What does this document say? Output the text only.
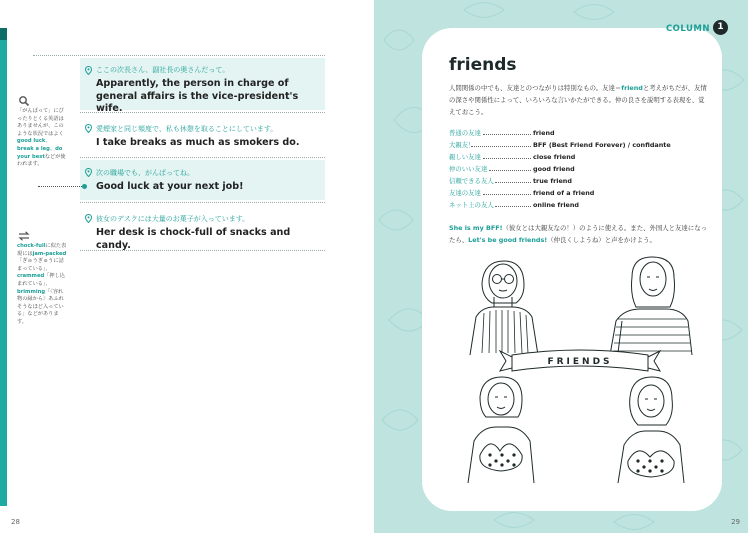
「がんばって」にぴったりとくる英語はありませんが、このような状況ではよくgood luck、break a leg、do your bestなどが使われます。
chock-fullに似た表現にはjam-packed「ぎゅうぎゅうに詰まっている」、crammed「押し込まれている」、brimming「〈容れ物の縁から〉あふれそうなほど入っている」などがあります。
ここの次長さん、副社長の奥さんだって。
Apparently, the person in charge of general affairs is the vice-president's wife.
愛煙家と同じ頻度で、私も休憩を取ることにしています。
I take breaks as much as smokers do.
次の職場でも、がんばってね。
Good luck at your next job!
彼女のデスクには大量のお菓子が入っています。
Her desk is chock-full of snacks and candy.
28
COLUMN 1
friends
人間関係の中でも、友達とのつながりは特別なもの。友達＝friendと考えがちだが、友情の深さや関係性によって、いろいろな言いかたができる。仲の良さを説明する表現を、覚えておこう。
普通の友達	friend
大親友！	BFF (Best Friend Forever) / confidante
親しい友達	close friend
仲のいい友達	good friend
信頼できる友人	true friend
友達の友達	friend of a friend
ネット上の友人	online friend
She is my BFF!（彼女とは大親友なの！）のように使える。また、外国人と友達になったら、Let's be good friends!（仲良くしようね）と声をかけよう。
FRIENDS
29
